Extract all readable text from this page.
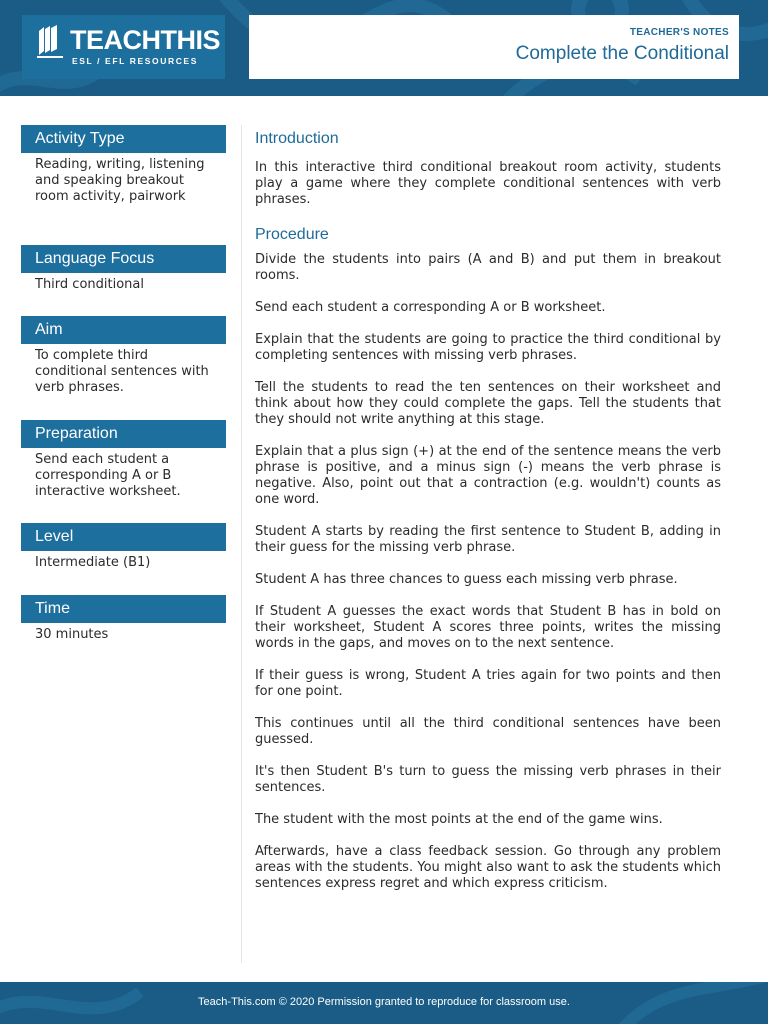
TEACHTHIS
ESL / EFL RESOURCES
TEACHER'S NOTES
Complete the Conditional
Activity Type
Reading, writing, listening and speaking breakout room activity, pairwork
Language Focus
Third conditional
Aim
To complete third conditional sentences with verb phrases.
Preparation
Send each student a corresponding A or B interactive worksheet.
Level
Intermediate (B1)
Time
30 minutes
Introduction

In this interactive third conditional breakout room activity, students play a game where they complete conditional sentences with verb phrases.

Procedure

Divide the students into pairs (A and B) and put them in breakout rooms.

Send each student a corresponding A or B worksheet.

Explain that the students are going to practice the third conditional by completing sentences with missing verb phrases.

Tell the students to read the ten sentences on their worksheet and think about how they could complete the gaps. Tell the students that they should not write anything at this stage.

Explain that a plus sign (+) at the end of the sentence means the verb phrase is positive, and a minus sign (-) means the verb phrase is negative. Also, point out that a contraction (e.g. wouldn't) counts as one word.

Student A starts by reading the first sentence to Student B, adding in their guess for the missing verb phrase.

Student A has three chances to guess each missing verb phrase.

If Student A guesses the exact words that Student B has in bold on their worksheet, Student A scores three points, writes the missing words in the gaps, and moves on to the next sentence.

If their guess is wrong, Student A tries again for two points and then for one point.

This continues until all the third conditional sentences have been guessed.

It's then Student B's turn to guess the missing verb phrases in their sentences.

The student with the most points at the end of the game wins.

Afterwards, have a class feedback session. Go through any problem areas with the students. You might also want to ask the students which sentences express regret and which express criticism.

Teach-This.com © 2020 Permission granted to reproduce for classroom use.
